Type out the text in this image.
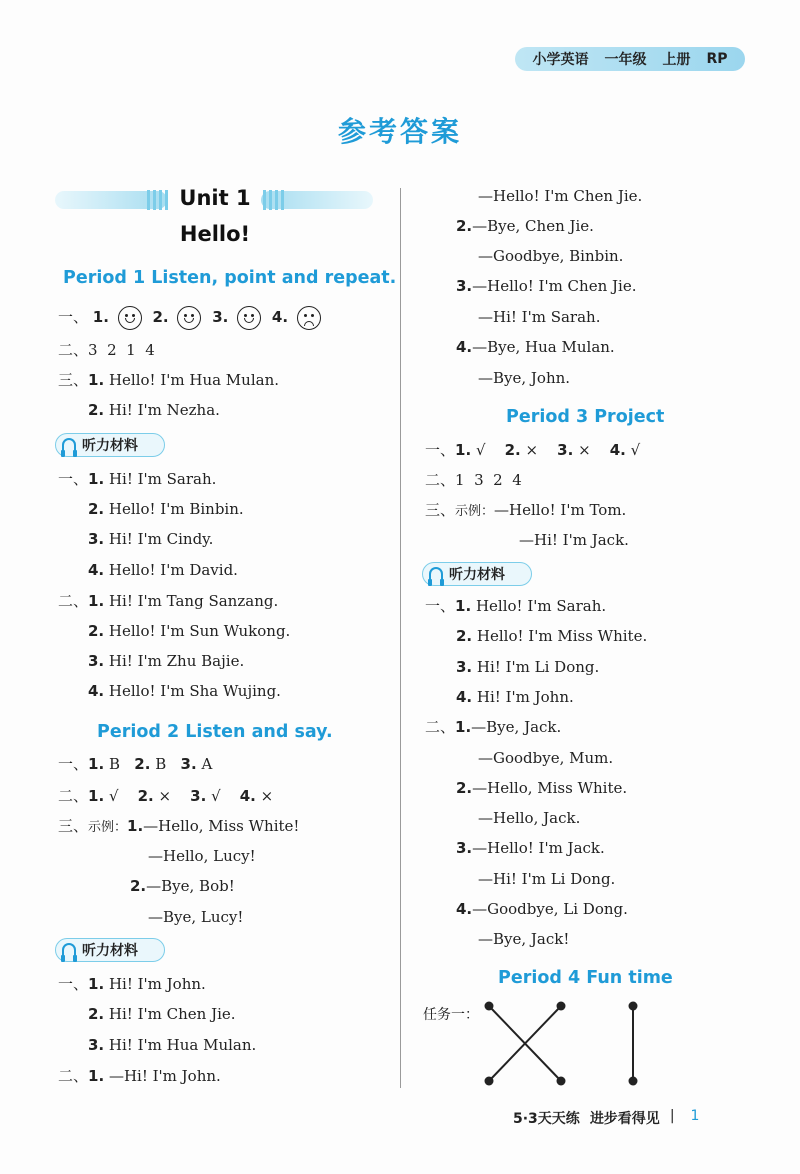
小学英语 一年级 上册 RP
参考答案
Unit 1
Hello!
Period 1 Listen, point and repeat.
一、 1.	2.	3.	4.
二、3  2  1  4
三、1. Hello! I'm Hua Mulan.
2. Hi! I'm Nezha.
听力材料
一、1. Hi! I'm Sarah.
2. Hello! I'm Binbin.
3. Hi! I'm Cindy.
4. Hello! I'm David.
二、1. Hi! I'm Tang Sanzang.
2. Hello! I'm Sun Wukong.
3. Hi! I'm Zhu Bajie.
4. Hello! I'm Sha Wujing.
Period 2 Listen and say.
一、1. B 2. B 3. A
二、1. √ 2. × 3. √ 4. ×
三、示例：1.—Hello, Miss White!
—Hello, Lucy!
2.—Bye, Bob!
—Bye, Lucy!
听力材料
一、1. Hi! I'm John.
2. Hi! I'm Chen Jie.
3. Hi! I'm Hua Mulan.
二、1. —Hi! I'm John.
—Hello! I'm Chen Jie.
2.—Bye, Chen Jie.
—Goodbye, Binbin.
3.—Hello! I'm Chen Jie.
—Hi! I'm Sarah.
4.—Bye, Hua Mulan.
—Bye, John.
Period 3 Project
一、1. √ 2. × 3. × 4. √
二、1  3  2  4
三、示例：—Hello! I'm Tom.
—Hi! I'm Jack.
听力材料
一、1. Hello! I'm Sarah.
2. Hello! I'm Miss White.
3. Hi! I'm Li Dong.
4. Hi! I'm John.
二、1.—Bye, Jack.
—Goodbye, Mum.
2.—Hello, Miss White.
—Hello, Jack.
3.—Hello! I'm Jack.
—Hi! I'm Li Dong.
4.—Goodbye, Li Dong.
—Bye, Jack!
Period 4 Fun time
任务一：
5·3天天练 进步看得见 | 1
